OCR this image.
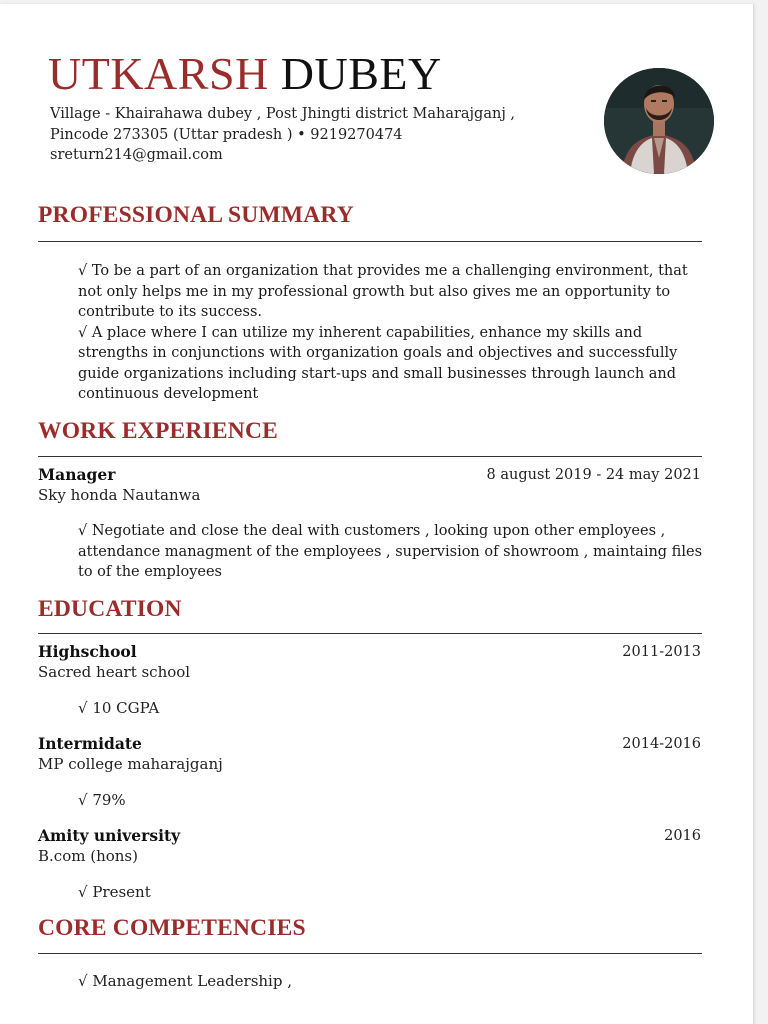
UTKARSH DUBEY
Village - Khairahawa dubey , Post Jhingti district Maharajganj ,
Pincode 273305 (Uttar pradesh ) • 9219270474
sreturn214@gmail.com
PROFESSIONAL SUMMARY

√ To be a part of an organization that provides me a challenging environment, that not only helps me in my professional growth but also gives me an opportunity to contribute to its success.

√ A place where I can utilize my inherent capabilities, enhance my skills and strengths in conjunctions with organization goals and objectives and successfully guide organizations including start-ups and small businesses through launch and continuous development

WORK EXPERIENCE
Manager	8 august 2019 - 24 may 2021
Sky honda Nautanwa
√ Negotiate and close the deal with customers , looking upon other employees , attendance managment of the employees , supervision of showroom , maintaing files to of the employees
EDUCATION
Highschool	2011-2013
Sacred heart school
√ 10 CGPA
Intermidate	2014-2016
MP college maharajganj
√ 79%
Amity university	2016
B.com (hons)
√ Present
CORE COMPETENCIES
√ Management Leadership ,
